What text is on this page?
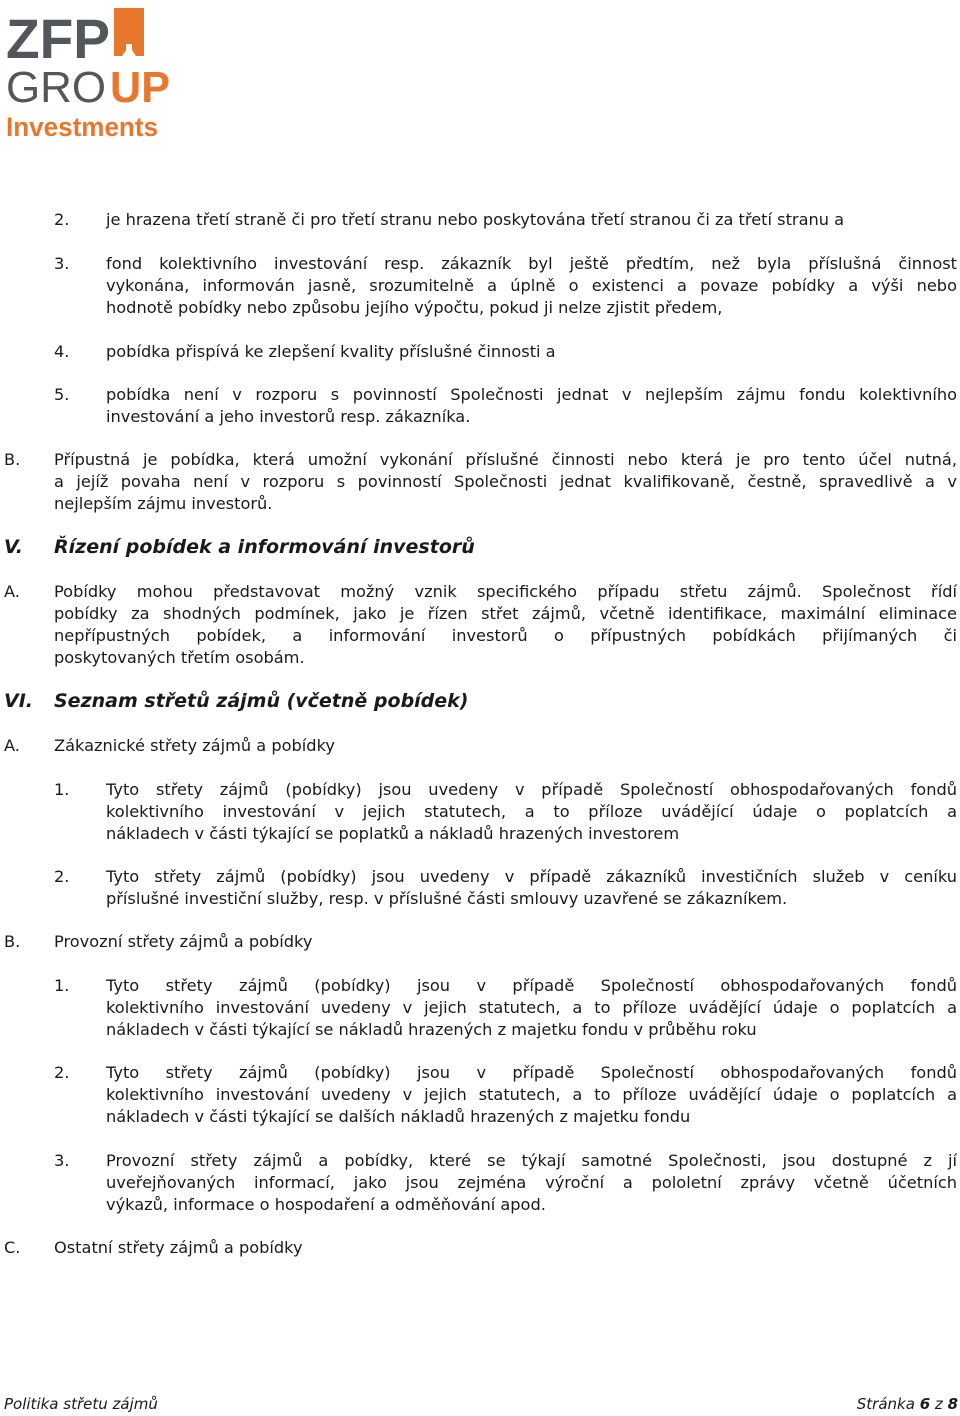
ZFP
GRO UP
Investments
2.	je hrazena třetí straně či pro třetí stranu nebo poskytována třetí stranou či za třetí stranu a
3.	fond kolektivního investování resp. zákazník byl ještě předtím, než byla příslušná činnost
vykonána, informován jasně, srozumitelně a úplně o existenci a povaze pobídky a výši nebo
hodnotě pobídky nebo způsobu jejího výpočtu, pokud ji nelze zjistit předem,
4.	pobídka přispívá ke zlepšení kvality příslušné činnosti a
5.	pobídka není v rozporu s povinností Společnosti jednat v nejlepším zájmu fondu kolektivního
investování a jeho investorů resp. zákazníka.
B.	Přípustná je pobídka, která umožní vykonání příslušné činnosti nebo která je pro tento účel nutná,
a jejíž povaha není v rozporu s povinností Společnosti jednat kvalifikovaně, čestně, spravedlivě a v
nejlepším zájmu investorů.
V.	Řízení pobídek a informování investorů
A.	Pobídky mohou představovat možný vznik specifického případu střetu zájmů. Společnost řídí
pobídky za shodných podmínek, jako je řízen střet zájmů, včetně identifikace, maximální eliminace
nepřípustných pobídek, a informování investorů o přípustných pobídkách přijímaných či
poskytovaných třetím osobám.
VI.	Seznam střetů zájmů (včetně pobídek)
A.	Zákaznické střety zájmů a pobídky
1.	Tyto střety zájmů (pobídky) jsou uvedeny v případě Společností obhospodařovaných fondů
kolektivního investování v jejich statutech, a to příloze uvádějící údaje o poplatcích a
nákladech v části týkající se poplatků a nákladů hrazených investorem
2.	Tyto střety zájmů (pobídky) jsou uvedeny v případě zákazníků investičních služeb v ceníku
příslušné investiční služby, resp. v příslušné části smlouvy uzavřené se zákazníkem.
B.	Provozní střety zájmů a pobídky
1.	Tyto střety zájmů (pobídky) jsou v případě Společností obhospodařovaných fondů
kolektivního investování uvedeny v jejich statutech, a to příloze uvádějící údaje o poplatcích a
nákladech v části týkající se nákladů hrazených z majetku fondu v průběhu roku
2.	Tyto střety zájmů (pobídky) jsou v případě Společností obhospodařovaných fondů
kolektivního investování uvedeny v jejich statutech, a to příloze uvádějící údaje o poplatcích a
nákladech v části týkající se dalších nákladů hrazených z majetku fondu
3.	Provozní střety zájmů a pobídky, které se týkají samotné Společnosti, jsou dostupné z jí
uveřejňovaných informací, jako jsou zejména výroční a pololetní zprávy včetně účetních
výkazů, informace o hospodaření a odměňování apod.
C.	Ostatní střety zájmů a pobídky
Politika střetu zájmů	Stránka 6 z 8
